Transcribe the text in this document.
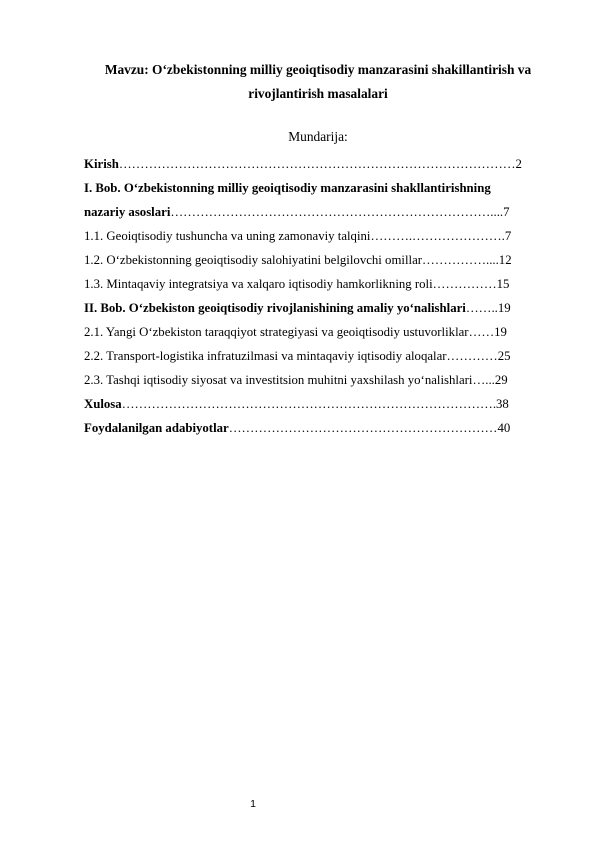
Mavzu: O‘zbekistonning milliy geoiqtisodiy manzarasini shakillantirish va
rivojlantirish masalalari
Mundarija:
Kirish…………………………………………………………………………………2
I. Bob. O‘zbekistonning milliy geoiqtisodiy manzarasini shakllantirishning
nazariy asoslari…………………………………………………………………....7
1.1. Geoiqtisodiy tushuncha va uning zamonaviy talqini……….………………….7
1.2. O‘zbekistonning geoiqtisodiy salohiyatini belgilovchi omillar……………....12
1.3. Mintaqaviy integratsiya va xalqaro iqtisodiy hamkorlikning roli……………15
II. Bob. O‘zbekiston geoiqtisodiy rivojlanishining amaliy yo‘nalishlari……..19
2.1. Yangi O‘zbekiston taraqqiyot strategiyasi va geoiqtisodiy ustuvorliklar……19
2.2. Transport-logistika infratuzilmasi va mintaqaviy iqtisodiy aloqalar…………25
2.3. Tashqi iqtisodiy siyosat va investitsion muhitni yaxshilash yo‘nalishlari…...29
Xulosa…………………………………………………………………………….38
Foydalanilgan adabiyotlar………………………………………………………40
1
